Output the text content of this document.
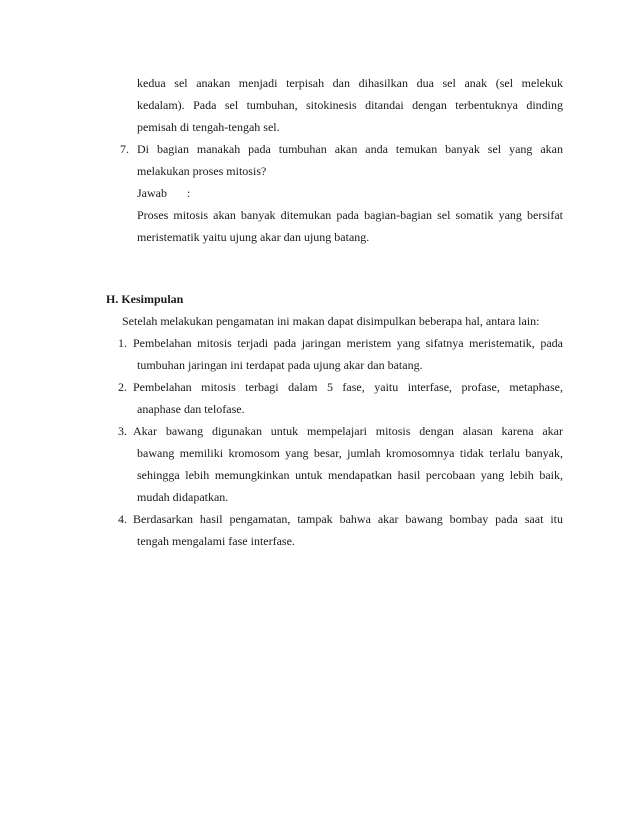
kedua sel anakan menjadi terpisah dan dihasilkan dua sel anak (sel melekuk
kedalam). Pada sel tumbuhan, sitokinesis ditandai dengan terbentuknya dinding
pemisah di tengah-tengah sel.
7. Di bagian manakah pada tumbuhan akan anda temukan banyak sel yang akan
melakukan proses mitosis?
Jawab :
Proses mitosis akan banyak ditemukan pada bagian-bagian sel somatik yang bersifat
meristematik yaitu ujung akar dan ujung batang.
H. Kesimpulan
Setelah melakukan pengamatan ini makan dapat disimpulkan beberapa hal, antara lain:
1. Pembelahan mitosis terjadi pada jaringan meristem yang sifatnya meristematik, pada
tumbuhan jaringan ini terdapat pada ujung akar dan batang.
2. Pembelahan mitosis terbagi dalam 5 fase, yaitu interfase, profase, metaphase,
anaphase dan telofase.
3. Akar bawang digunakan untuk mempelajari mitosis dengan alasan karena akar
bawang memiliki kromosom yang besar, jumlah kromosomnya tidak terlalu banyak,
sehingga lebih memungkinkan untuk mendapatkan hasil percobaan yang lebih baik,
mudah didapatkan.
4. Berdasarkan hasil pengamatan, tampak bahwa akar bawang bombay pada saat itu
tengah mengalami fase interfase.
